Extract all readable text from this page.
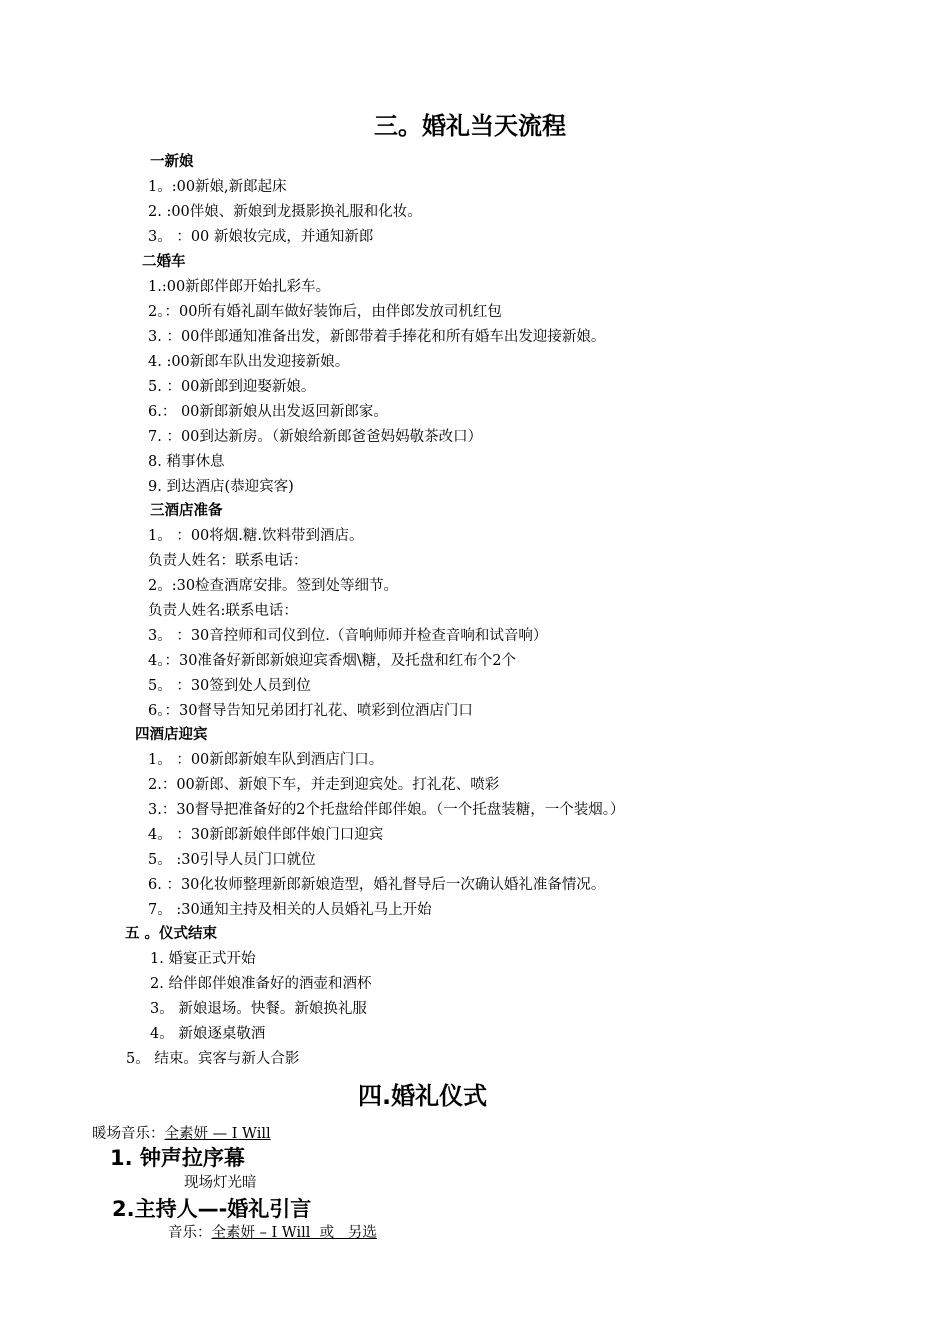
三。婚礼当天流程
一新娘
1。:00新娘,新郎起床
2. :00伴娘、新娘到龙摄影换礼服和化妆。
3。 ：00 新娘妆完成，并通知新郎
二婚车
1.:00新郎伴郎开始扎彩车。
2。：00所有婚礼副车做好装饰后，由伴郎发放司机红包
3. ：00伴郎通知准备出发，新郎带着手捧花和所有婚车出发迎接新娘。
4. :00新郎车队出发迎接新娘。
5. ：00新郎到迎娶新娘。
6.： 00新郎新娘从出发返回新郎家。
7. ：00到达新房。（新娘给新郎爸爸妈妈敬茶改口）
8. 稍事休息
9. 到达酒店(恭迎宾客)
三酒店准备
1。 ：00将烟.糖.饮料带到酒店。
负责人姓名：联系电话：
2。:30检查酒席安排。签到处等细节。
负责人姓名:联系电话：
3。 ：30音控师和司仪到位.（音响师师并检查音响和试音响）
4。：30准备好新郎新娘迎宾香烟\糖，及托盘和红布个2个
5。 ：30签到处人员到位
6。：30督导告知兄弟团打礼花、喷彩到位酒店门口
四酒店迎宾
1。 ：00新郎新娘车队到酒店门口。
2.：00新郎、新娘下车，并走到迎宾处。打礼花、喷彩
3.：30督导把准备好的2个托盘给伴郎伴娘。（一个托盘装糖，一个装烟。）
4。 ：30新郎新娘伴郎伴娘门口迎宾
5。 :30引导人员门口就位
6. ：30化妆师整理新郎新娘造型，婚礼督导后一次确认婚礼准备情况。
7。 :30通知主持及相关的人员婚礼马上开始
五 。仪式结束
1. 婚宴正式开始
2. 给伴郎伴娘准备好的酒壶和酒杯
3。 新娘退场。快餐。新娘换礼服
4。 新娘逐桌敬酒
5。 结束。宾客与新人合影
四.婚礼仪式
暖场音乐：全素妍 — I Will
1. 钟声拉序幕
现场灯光暗
2.主持人—-婚礼引言
音乐：全素妍 – I Will  或   另选
